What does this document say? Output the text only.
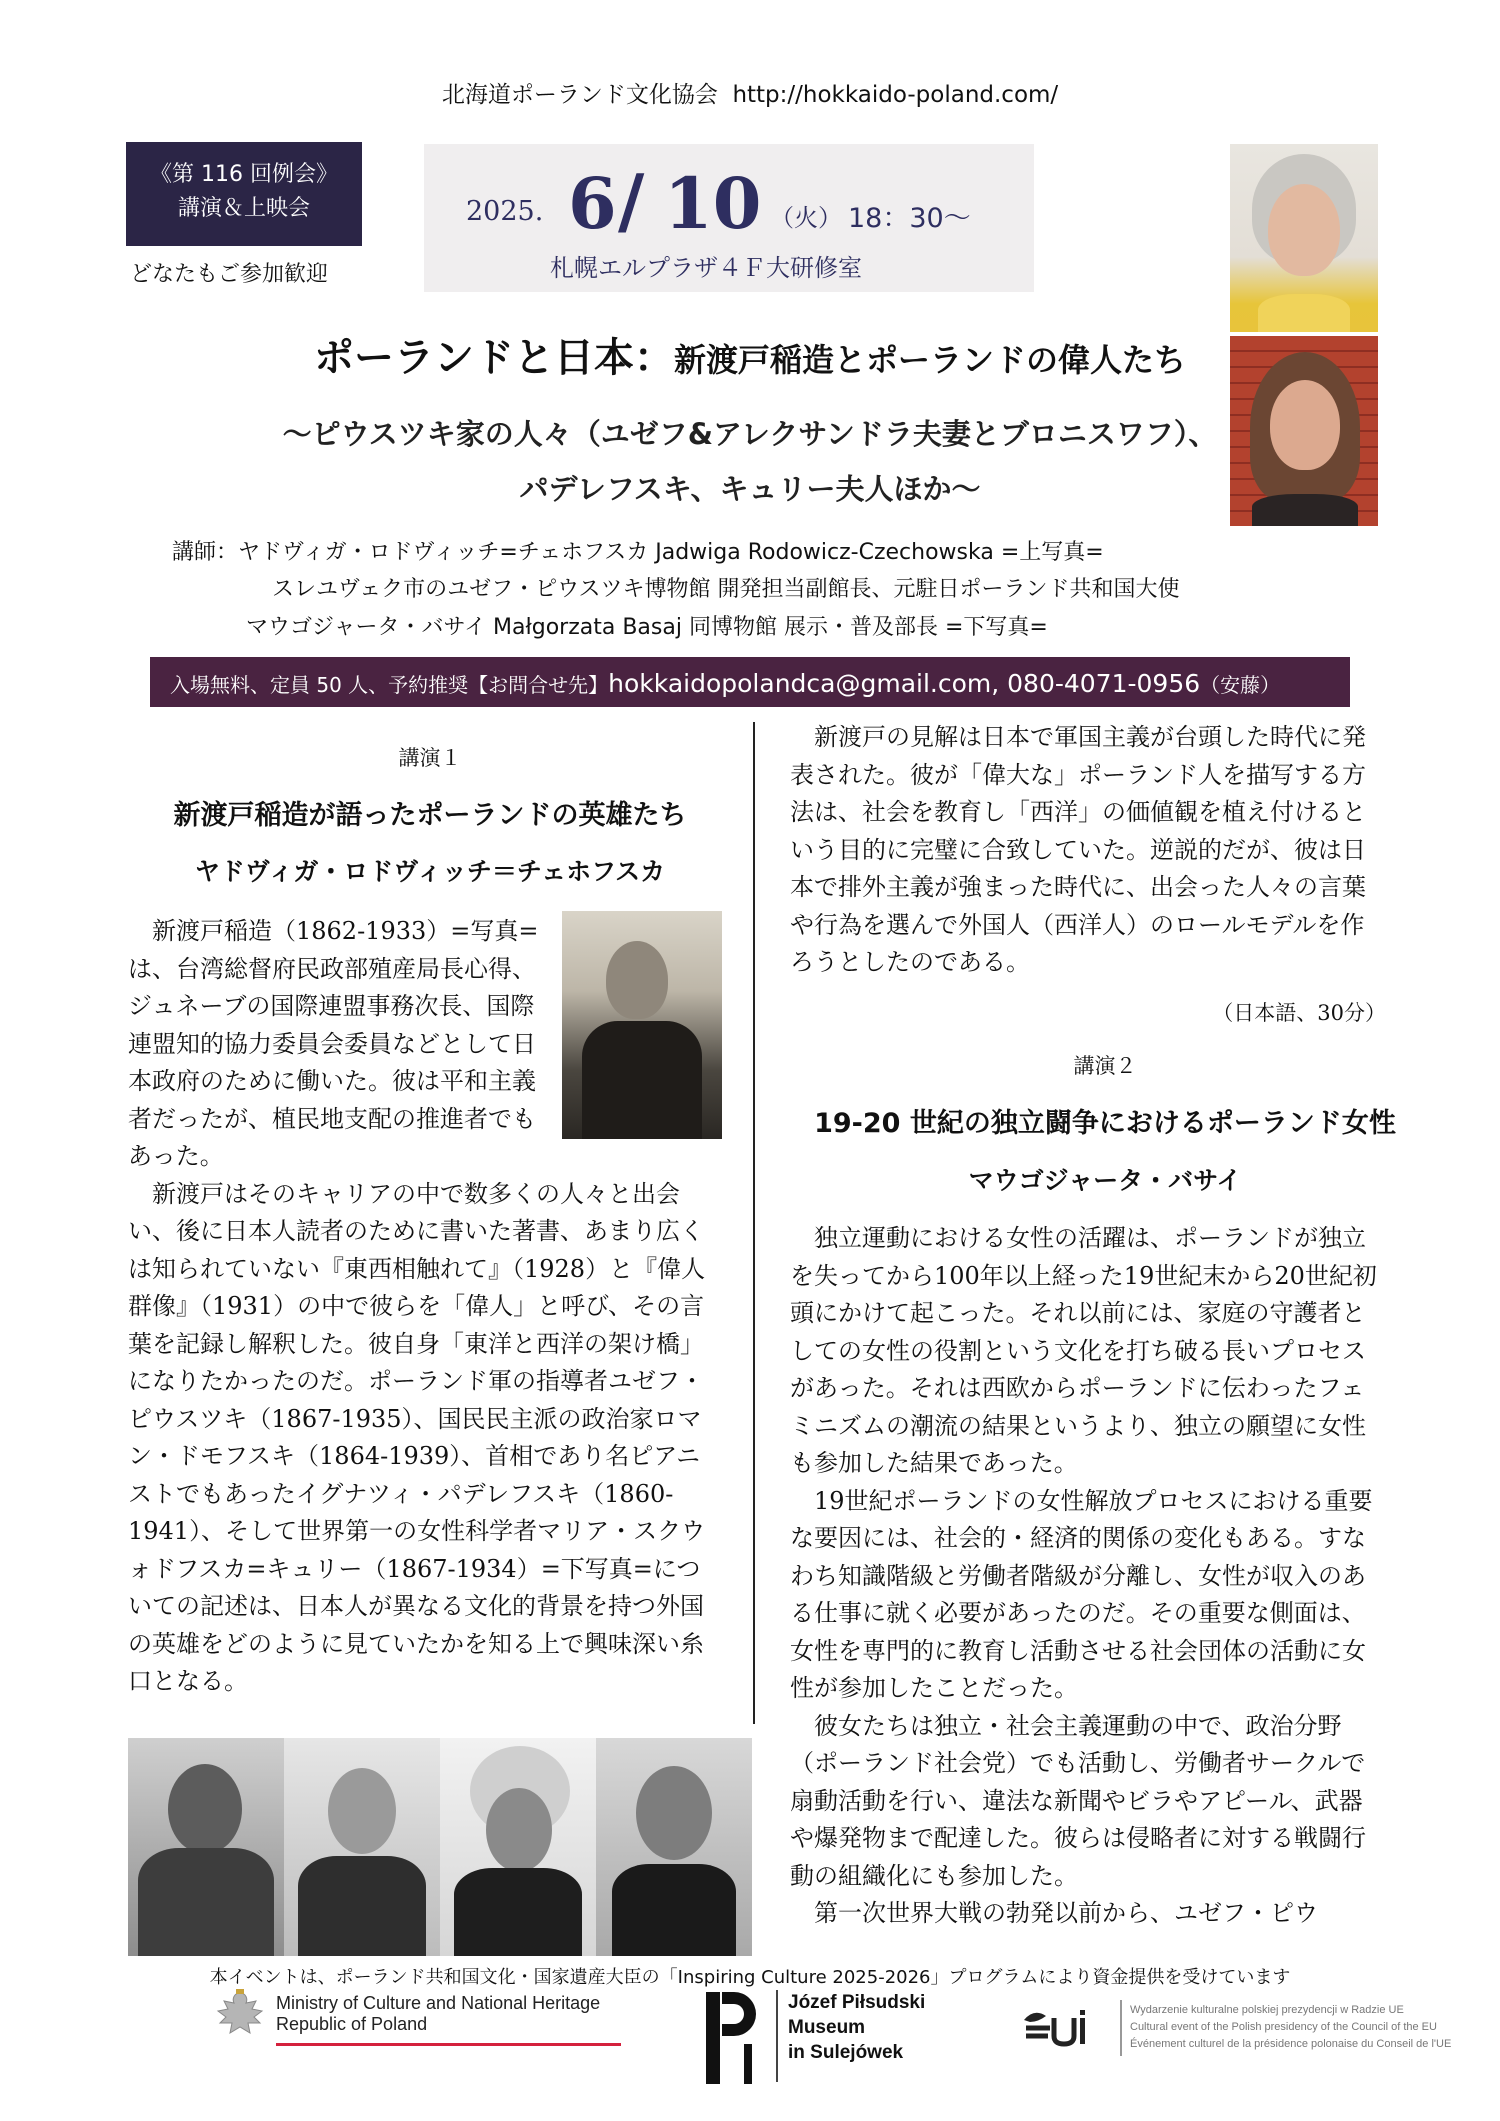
北海道ポーランド文化協会 http://hokkaido-poland.com/
《第 116 回例会》
講演＆上映会
どなたもご参加歓迎
2025. 6 / 10 （火） 18：30～
札幌エルプラザ４Ｆ大研修室
ポーランドと日本：新渡戸稲造とポーランドの偉人たち
～ピウスツキ家の人々（ユゼフ&アレクサンドラ夫妻とブロニスワフ）、
パデレフスキ、キュリー夫人ほか～
講師：ヤドヴィガ・ロドヴィッチ=チェホフスカ Jadwiga Rodowicz-Czechowska =上写真=
スレユヴェク市のユゼフ・ピウスツキ博物館 開発担当副館長、元駐日ポーランド共和国大使
マウゴジャータ・バサイ Małgorzata Basaj 同博物館 展示・普及部長 =下写真=
入場無料、定員 50 人、予約推奨【お問合せ先】hokkaidopolandca@gmail.com, 080-4071-0956（安藤）
講演１
新渡戸稲造が語ったポーランドの英雄たち
ヤドヴィガ・ロドヴィッチ＝チェホフスカ

新渡戸稲造（1862-1933）=写真=は、台湾総督府民政部殖産局長心得、ジュネーブの国際連盟事務次長、国際連盟知的協力委員会委員などとして日本政府のために働いた。彼は平和主義者だったが、植民地支配の推進者でもあった。

新渡戸はそのキャリアの中で数多くの人々と出会い、後に日本人読者のために書いた著書、あまり広くは知られていない『東西相触れて』（1928）と『偉人群像』（1931）の中で彼らを「偉人」と呼び、その言葉を記録し解釈した。彼自身「東洋と西洋の架け橋」になりたかったのだ。ポーランド軍の指導者ユゼフ・ピウスツキ（1867-1935）、国民民主派の政治家ロマン・ドモフスキ（1864-1939）、首相であり名ピアニストでもあったイグナツィ・パデレフスキ（1860-1941）、そして世界第一の女性科学者マリア・スクウォドフスカ=キュリー（1867-1934）=下写真=についての記述は、日本人が異なる文化的背景を持つ外国の英雄をどのように見ていたかを知る上で興味深い糸口となる。

新渡戸の見解は日本で軍国主義が台頭した時代に発表された。彼が「偉大な」ポーランド人を描写する方法は、社会を教育し「西洋」の価値観を植え付けるという目的に完璧に合致していた。逆説的だが、彼は日本で排外主義が強まった時代に、出会った人々の言葉や行為を選んで外国人（西洋人）のロールモデルを作ろうとしたのである。

（日本語、30分）
講演２
19-20 世紀の独立闘争におけるポーランド女性
マウゴジャータ・バサイ

独立運動における女性の活躍は、ポーランドが独立を失ってから100年以上経った19世紀末から20世紀初頭にかけて起こった。それ以前には、家庭の守護者としての女性の役割という文化を打ち破る長いプロセスがあった。それは西欧からポーランドに伝わったフェミニズムの潮流の結果というより、独立の願望に女性も参加した結果であった。

19世紀ポーランドの女性解放プロセスにおける重要な要因には、社会的・経済的関係の変化もある。すなわち知識階級と労働者階級が分離し、女性が収入のある仕事に就く必要があったのだ。その重要な側面は、女性を専門的に教育し活動させる社会団体の活動に女性が参加したことだった。

彼女たちは独立・社会主義運動の中で、政治分野（ポーランド社会党）でも活動し、労働者サークルで扇動活動を行い、違法な新聞やビラやアピール、武器や爆発物まで配達した。彼らは侵略者に対する戦闘行動の組織化にも参加した。

第一次世界大戦の勃発以前から、ユゼフ・ピウ

本イベントは、ポーランド共和国文化・国家遺産大臣の「Inspiring Culture 2025-2026」プログラムにより資金提供を受けています
Ministry of Culture and National Heritage
Republic of Poland
Józef Piłsudski
Museum
in Sulejówek
Wydarzenie kulturalne polskiej prezydencji w Radzie UE
Cultural event of the Polish presidency of the Council of the EU
Événement culturel de la présidence polonaise du Conseil de l'UE
